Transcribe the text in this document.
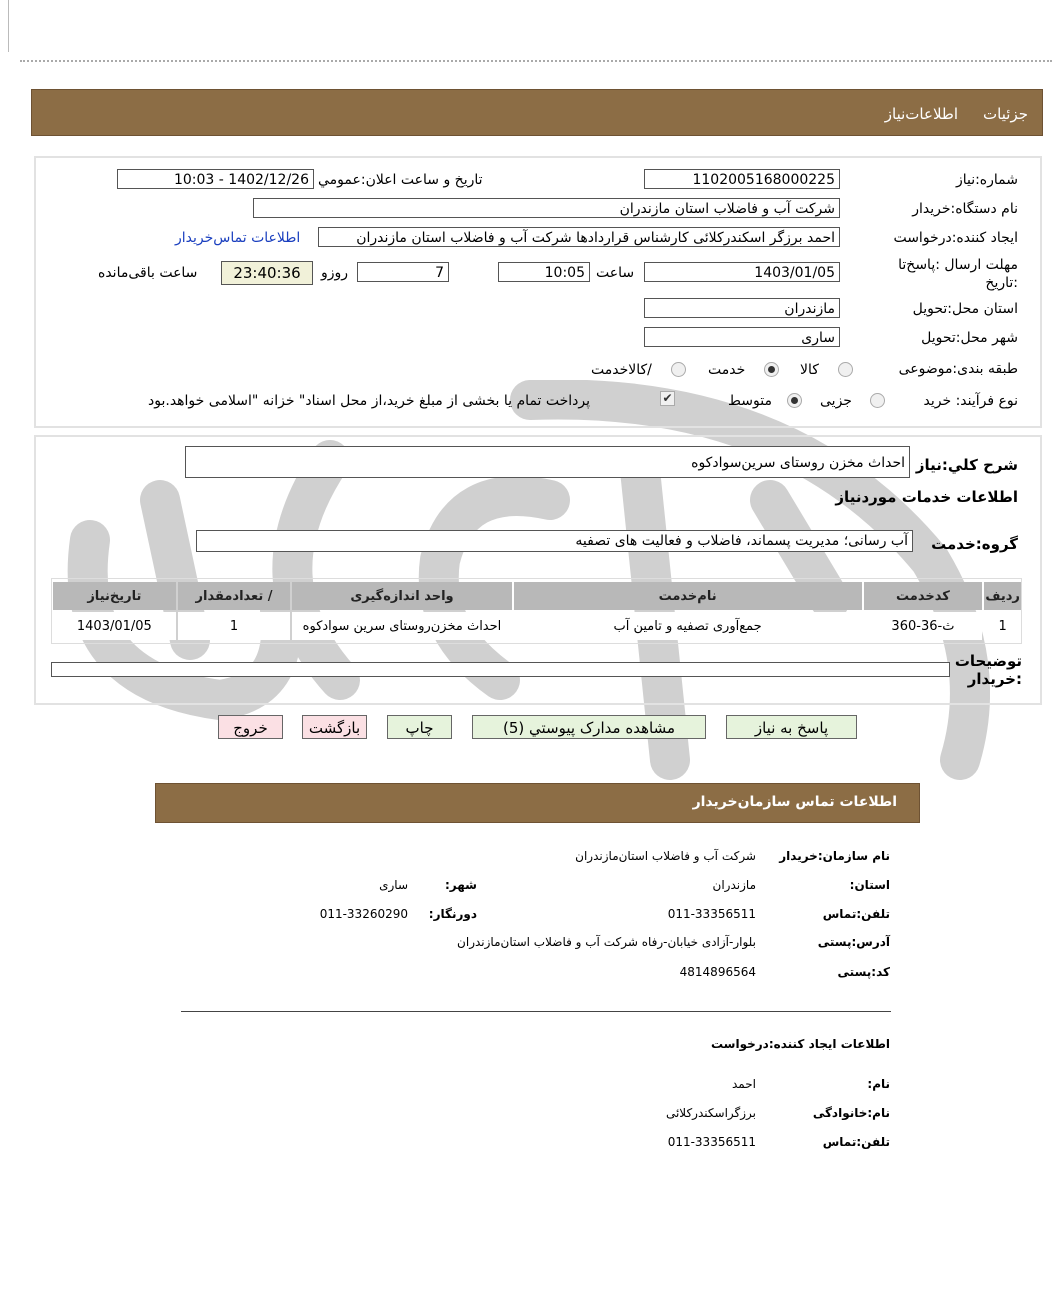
جزئیات
اطلاعات‌نیاز
شماره:نیاز
1102005168000225
تاریخ و ساعت اعلان:عمومي
1402/12/26 - 10:03
نام دستگاه:خریدار
شرکت آب و فاضلاب استان مازندران
ایجاد کننده:درخواست
احمد برزگر اسکندرکلائی کارشناس قراردادها شرکت آب و فاضلاب استان مازندران
اطلاعات تماس‌خریدار
مهلت ارسال :پاسخ‌تا :تاریخ
1403/01/05
ساعت
10:05
7
روزو
23:40:36
ساعت باقی‌مانده
استان محل:تحویل
مازندران
شهر محل:تحویل
ساری
طبقه بندی:موضوعی
کالا
خدمت
/کالاخدمت
نوع فرآیند: خرید
جزیی
متوسط
✔
پرداخت تمام یا بخشی از مبلغ خرید،از محل اسناد" خزانه "اسلامی خواهد.بود
شرح کلي:نیاز
احداث مخزن روستای سرین‌سوادکوه
اطلاعات خدمات موردنیاز
گروه:خدمت
آب رسانی؛ مدیریت پسماند، فاضلاب و فعالیت های تصفیه
ردیف	کدخدمت	نام‌خدمت	واحد اندازه‌گیری	/ تعدادمقدار	تاریخ‌نیاز
1	ث-36-360	جمع‌آوری تصفیه و تامین آب	احداث مخزن‌روستای سرین سوادکوه	1	1403/01/05
توضیحات :خریدار
پاسخ به نیاز
مشاهده مدارک پيوستي (5)
چاپ
بازگشت
خروج
اطلاعات تماس سازمان‌خریدار
نام سازمان:خریدار
شرکت آب و فاضلاب استان‌مازندران
استان:
مازندران
شهر:
ساری
تلفن:تماس
011-33356511
دورنگار:
011-33260290
آدرس:پستی
بلوار-آزادی خیابان-رفاه شرکت آب و فاضلاب استان‌مازندران
کد:پستی
4814896564
اطلاعات ایجاد کننده:درخواست
نام:
احمد
نام:خانوادگی
برزگراسکندرکلائی
تلفن:تماس
011-33356511
